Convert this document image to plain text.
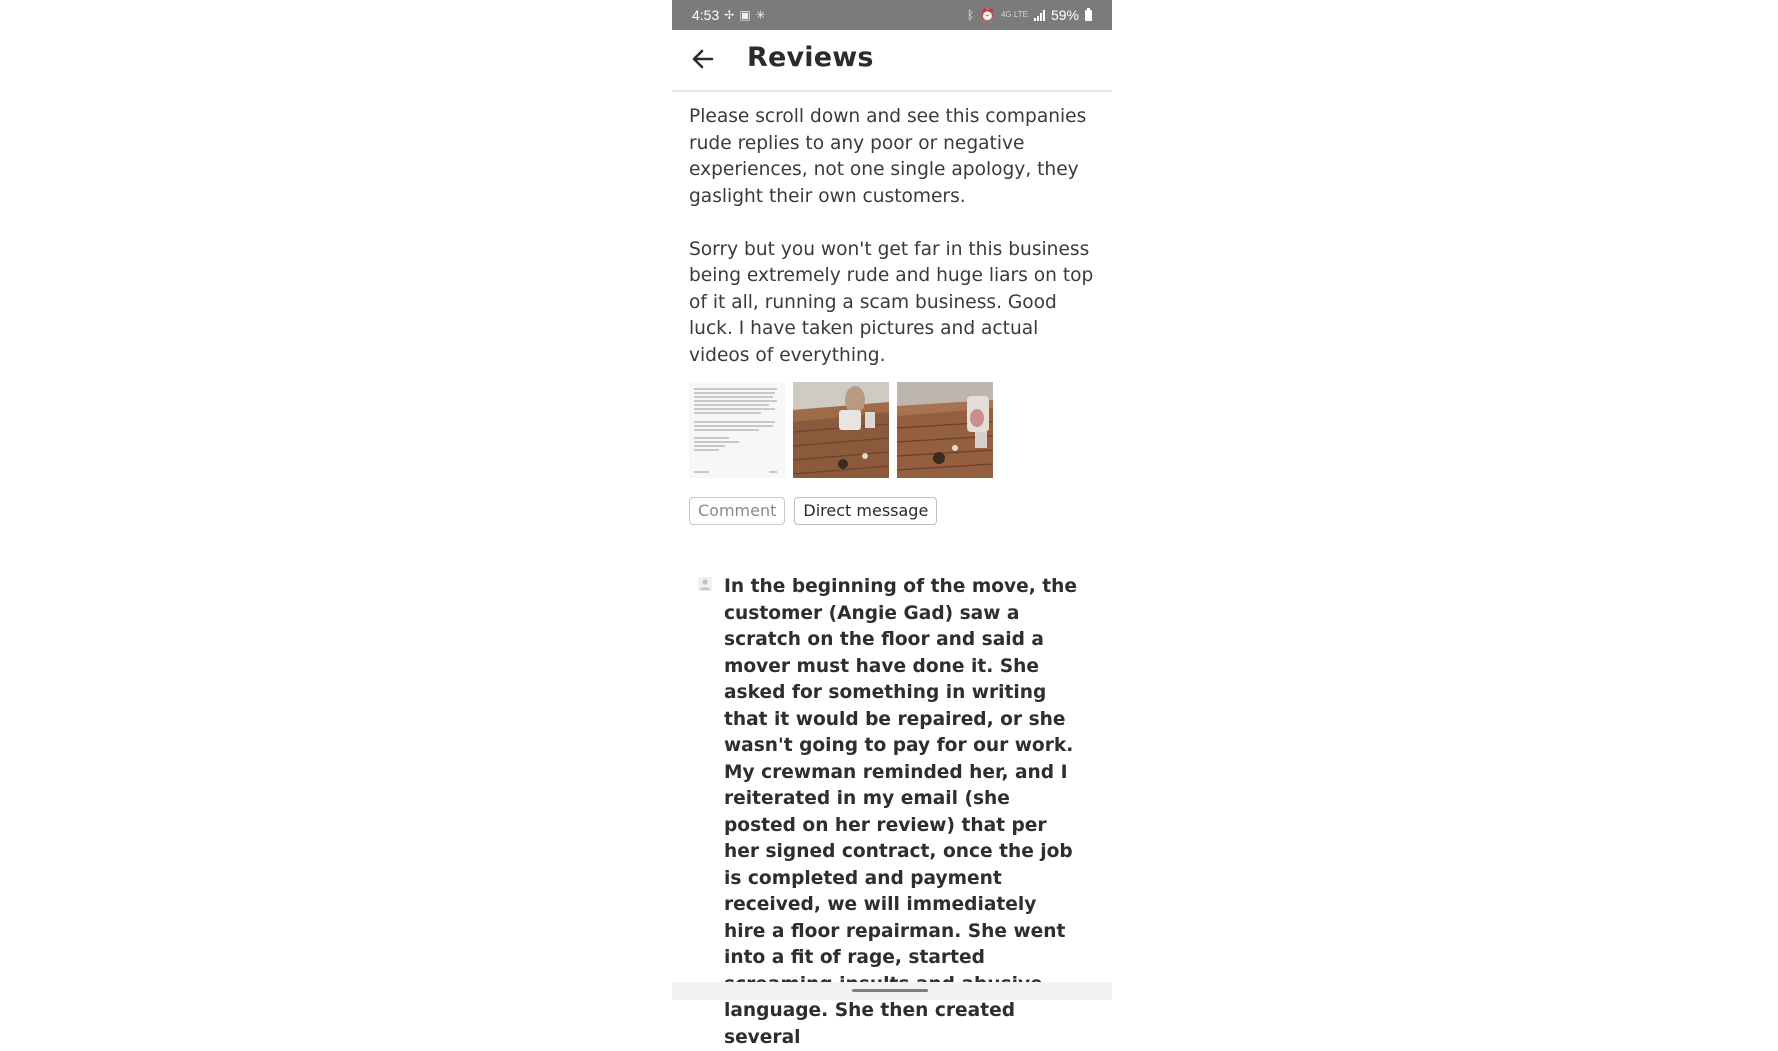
4:53 ✢ ▣ ✳	ᛒ ⏰ 4G LTE 59%
Reviews

Please scroll down and see this companies rude replies to any poor or negative experiences, not one single apology, they gaslight their own customers.

Sorry but you won't get far in this business being extremely rude and huge liars on top of it all, running a scam business. Good luck. I have taken pictures and actual videos of everything.

Comment	Direct message

In the beginning of the move, the customer (Angie Gad) saw a scratch on the floor and said a mover must have done it. She asked for something in writing that it would be repaired, or she wasn't going to pay for our work. My crewman reminded her, and I reiterated in my email (she posted on her review) that per her signed contract, once the job is completed and payment received, we will immediately hire a floor repairman. She went into a fit of rage, started language. She then created several
